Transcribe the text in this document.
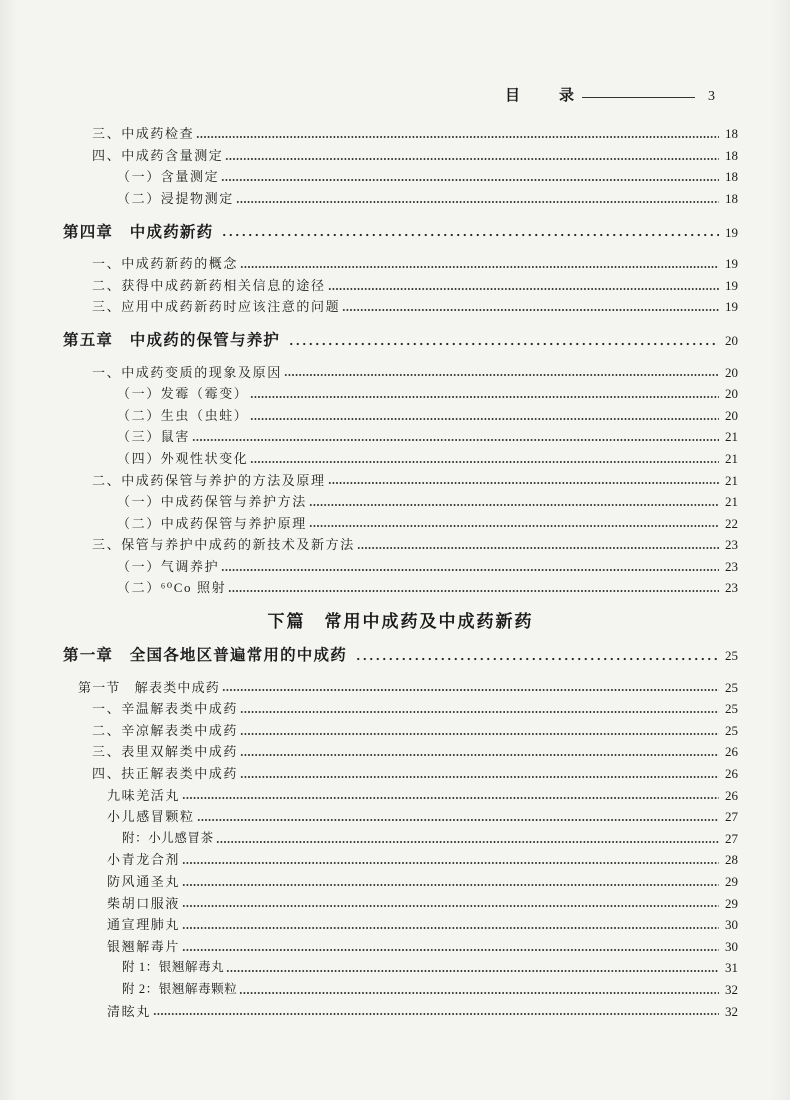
目　录	3
三、中成药检查	18
四、中成药含量测定	18
（一）含量测定	18
（二）浸提物测定	18
第四章　中成药新药	19
一、中成药新药的概念	19
二、获得中成药新药相关信息的途径	19
三、应用中成药新药时应该注意的问题	19
第五章　中成药的保管与养护	20
一、中成药变质的现象及原因	20
（一）发霉（霉变）	20
（二）生虫（虫蛀）	20
（三）鼠害	21
（四）外观性状变化	21
二、中成药保管与养护的方法及原理	21
（一）中成药保管与养护方法	21
（二）中成药保管与养护原理	22
三、保管与养护中成药的新技术及新方法	23
（一）气调养护	23
（二）⁶⁰Co 照射	23
下篇　常用中成药及中成药新药
第一章　全国各地区普遍常用的中成药	25
第一节　解表类中成药	25
一、辛温解表类中成药	25
二、辛凉解表类中成药	25
三、表里双解类中成药	26
四、扶正解表类中成药	26
九味羌活丸	26
小儿感冒颗粒	27
附：小儿感冒茶	27
小青龙合剂	28
防风通圣丸	29
柴胡口服液	29
通宣理肺丸	30
银翘解毒片	30
附 1：银翘解毒丸	31
附 2：银翘解毒颗粒	32
清眩丸	32
